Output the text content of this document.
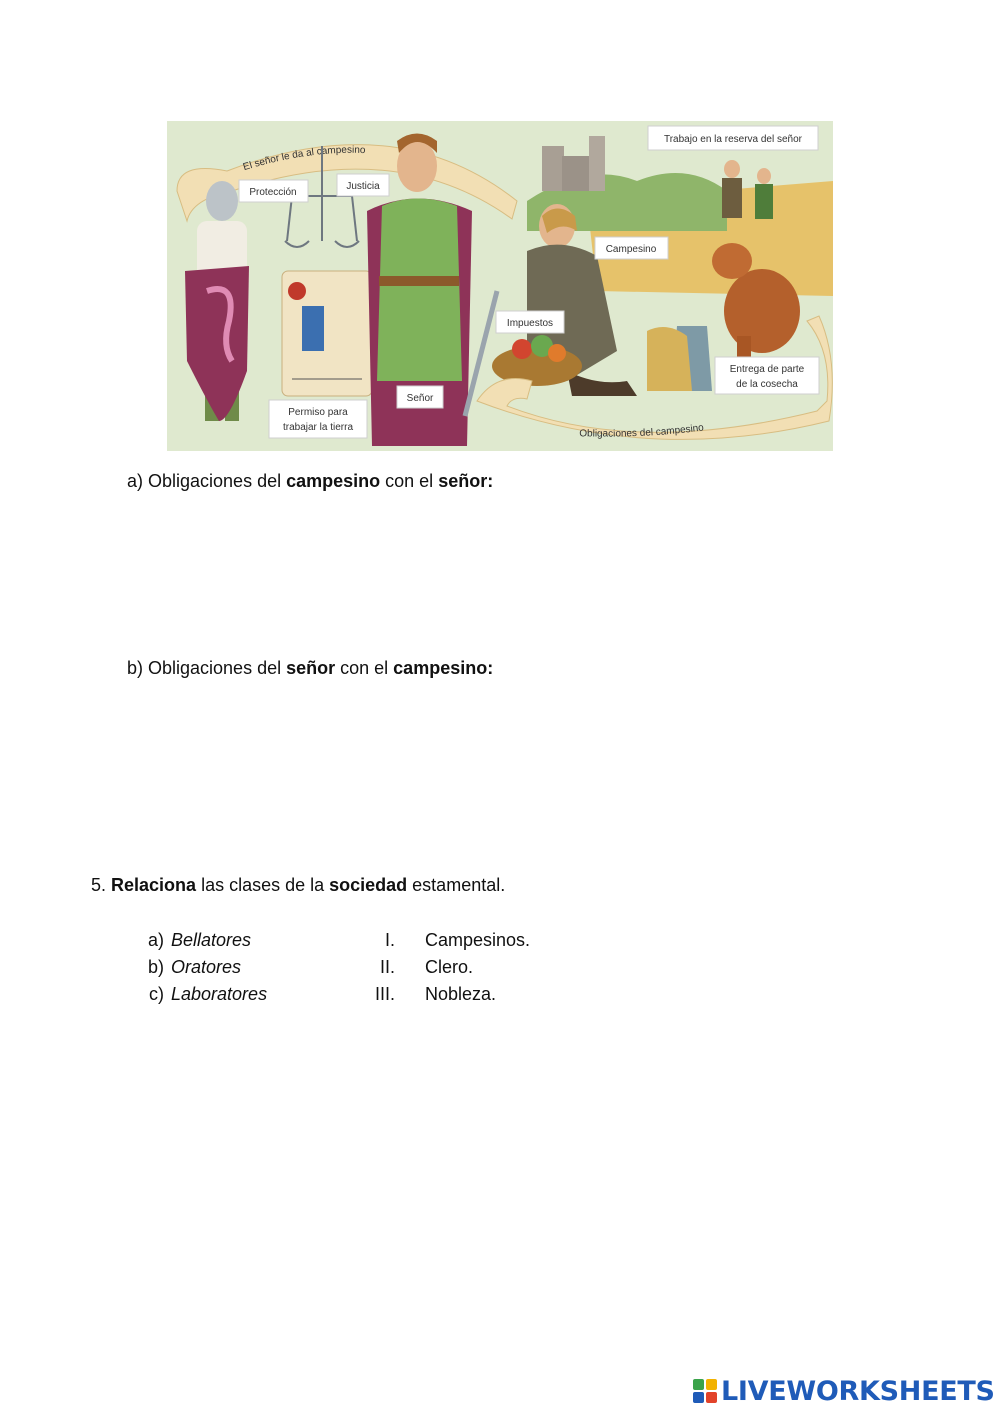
El señor le da al campesino
Obligaciones del campesino
Protección
Justicia
Trabajo en la reserva del señor
Campesino
Impuestos
Entrega de parte
de la cosecha
Permiso para
trabajar la tierra
Señor
a) Obligaciones del campesino con el señor:
b) Obligaciones del señor con el campesino:
5. Relaciona las clases de la sociedad estamental.
a) Bellatores	I. Campesinos.
b) Oratores	II. Clero.
c) Laboratores	III. Nobleza.
LIVEWORKSHEETS
